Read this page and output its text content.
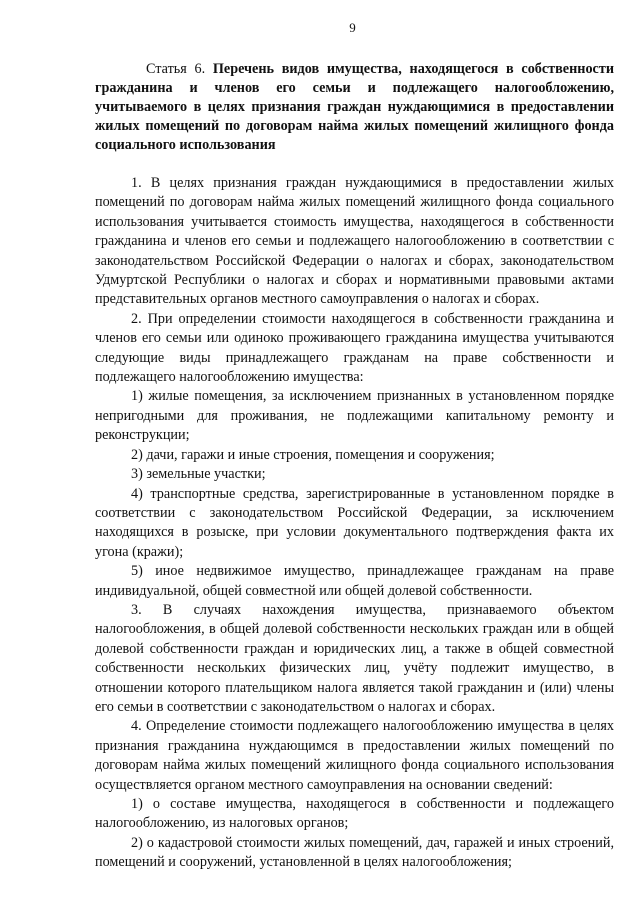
9
Статья 6. Перечень видов имущества, находящегося в собственности гражданина и членов его семьи и подлежащего налогообложению, учитываемого в целях признания граждан нуждающимися в предоставлении жилых помещений по договорам найма жилых помещений жилищного фонда социального использования

1. В целях признания граждан нуждающимися в предоставлении жилых помещений по договорам найма жилых помещений жилищного фонда социального использования учитывается стоимость имущества, находящегося в собственности гражданина и членов его семьи и подлежащего налогообложению в соответствии с законодательством Российской Федерации о налогах и сборах, законодательством Удмуртской Республики о налогах и сборах и нормативными правовыми актами представительных органов местного самоуправления о налогах и сборах.

2. При определении стоимости находящегося в собственности гражданина и членов его семьи или одиноко проживающего гражданина имущества учитываются следующие виды принадлежащего гражданам на праве собственности и подлежащего налогообложению имущества:

1) жилые помещения, за исключением признанных в установленном порядке непригодными для проживания, не подлежащими капитальному ремонту и реконструкции;

2) дачи, гаражи и иные строения, помещения и сооружения;

3) земельные участки;

4) транспортные средства, зарегистрированные в установленном порядке в соответствии с законодательством Российской Федерации, за исключением находящихся в розыске, при условии документального подтверждения факта их угона (кражи);

5) иное недвижимое имущество, принадлежащее гражданам на праве индивидуальной, общей совместной или общей долевой собственности.

3. В случаях нахождения имущества, признаваемого объектом налогообложения, в общей долевой собственности нескольких граждан или в общей долевой собственности граждан и юридических лиц, а также в общей совместной собственности нескольких физических лиц, учёту подлежит имущество, в отношении которого плательщиком налога является такой гражданин и (или) члены его семьи в соответствии с законодательством о налогах и сборах.

4. Определение стоимости подлежащего налогообложению имущества в целях признания гражданина нуждающимся в предоставлении жилых помещений по договорам найма жилых помещений жилищного фонда социального использования осуществляется органом местного самоуправления на основании сведений:

1) о составе имущества, находящегося в собственности и подлежащего налогообложению, из налоговых органов;

2) о кадастровой стоимости жилых помещений, дач, гаражей и иных строений, помещений и сооружений, установленной в целях налогообложения;
